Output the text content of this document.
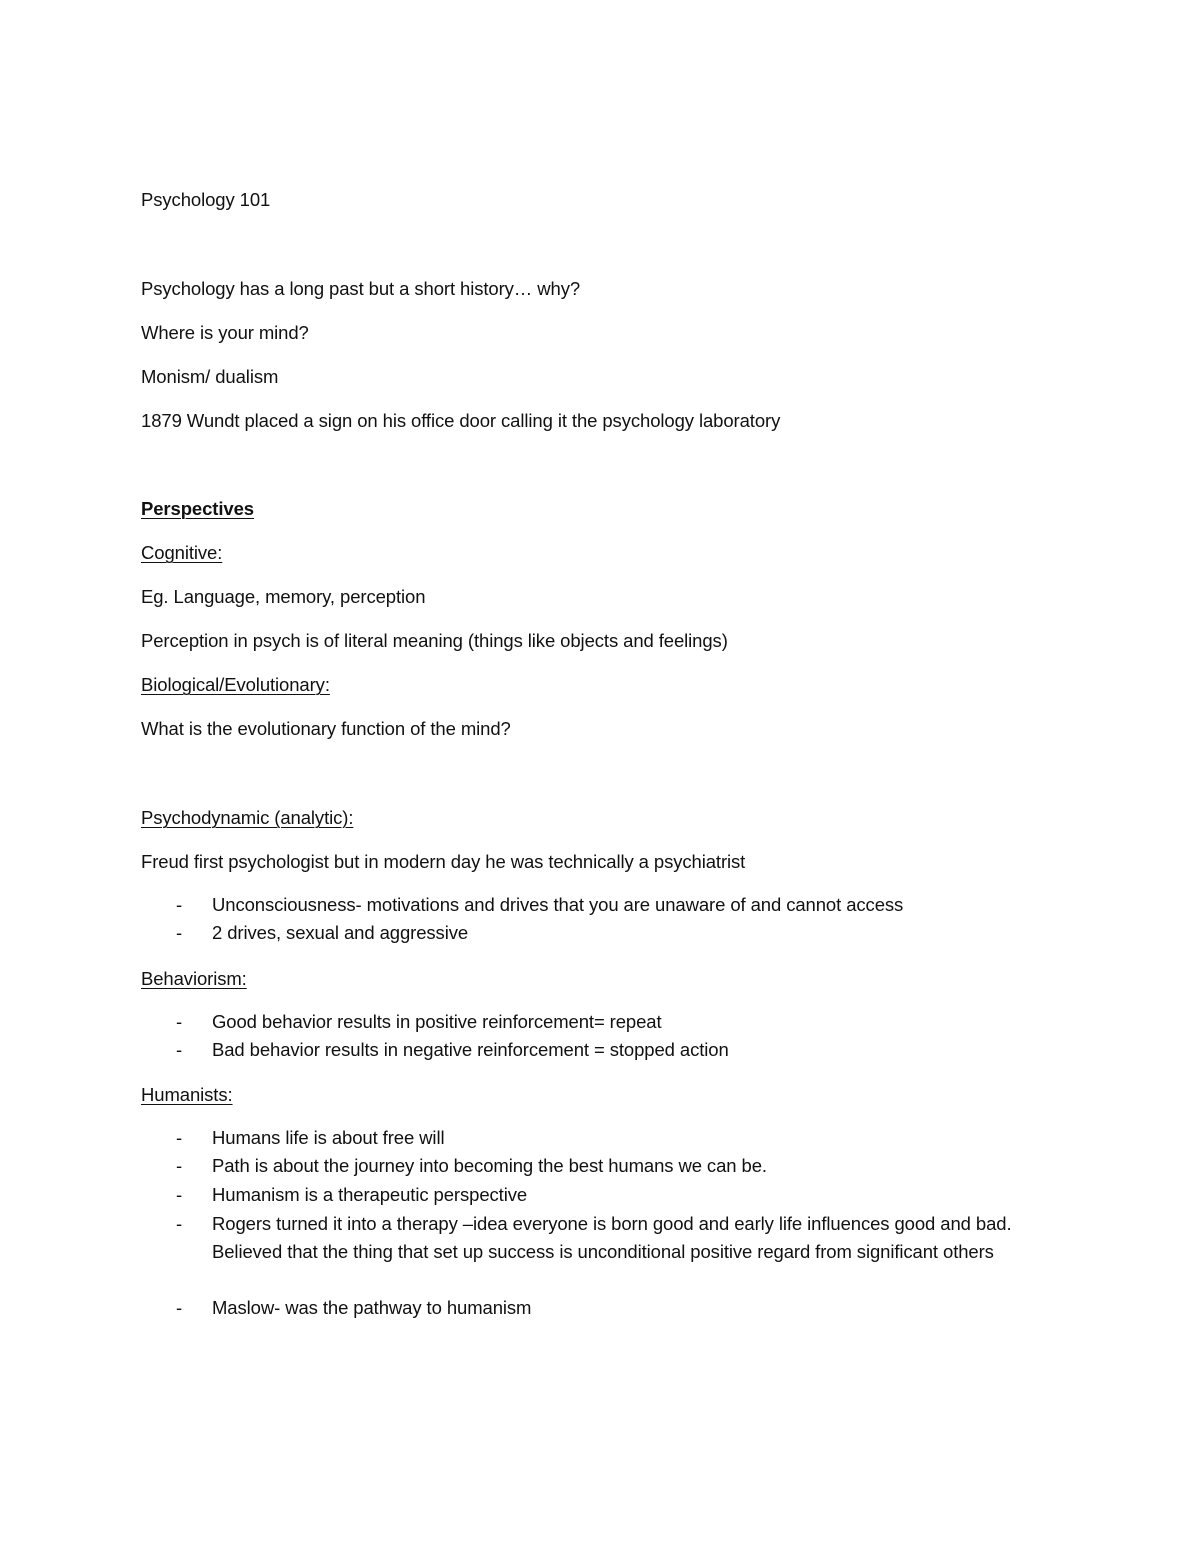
Psychology 101
Psychology has a long past but a short history… why?
Where is your mind?
Monism/ dualism
1879 Wundt placed a sign on his office door calling it the psychology laboratory
Perspectives
Cognitive:
Eg. Language, memory, perception
Perception in psych is of literal meaning (things like objects and feelings)
Biological/Evolutionary:
What is the evolutionary function of the mind?
Psychodynamic (analytic):
Freud first psychologist but in modern day he was technically a psychiatrist
- Unconsciousness- motivations and drives that you are unaware of and cannot access
- 2 drives, sexual and aggressive
Behaviorism:
- Good behavior results in positive reinforcement= repeat
- Bad behavior results in negative reinforcement = stopped action
Humanists:
- Humans life is about free will
- Path is about the journey into becoming the best humans we can be.
- Humanism is a therapeutic perspective
- Rogers turned it into a therapy –idea everyone is born good and early life influences good and bad. Believed that the thing that set up success is unconditional positive regard from significant others
- Maslow- was the pathway to humanism
